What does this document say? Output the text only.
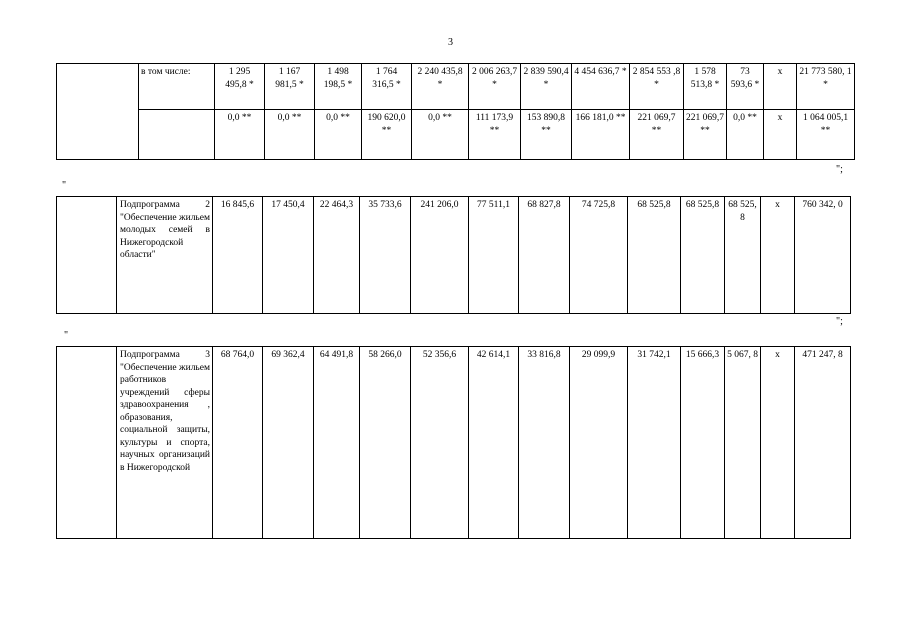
3
	в том числе:	1 295 495,8 *	1 167 981,5 *	1 498 198,5 *	1 764 316,5 *	2 240 435,8 *	2 006 263,7 *	2 839 590,4 *	4 454 636,7 *	2 854 553 ,8 *	1 578 513,8 *	73 593,6 *	х	21 773 580, 1 *
		0,0 **	0,0 **	0,0 **	190 620,0 **	0,0 **	111 173,9 **	153 890,8 **	166 181,0 **	221 069,7 **	221 069,7 **	0,0 **	х	1 064 005,1 **
";
"
	Подпрограмма 2 "Обеспечение жильем молодых семей в Нижегородской области"	16 845,6	17 450,4	22 464,3	35 733,6	241 206,0	77 511,1	68 827,8	74 725,8	68 525,8	68 525,8	68 525, 8	х	760 342, 0
";
"
	Подпрограмма 3 "Обеспечение жильем работников учреждений сферы здравоохранения , образования, социальной защиты, культуры и спорта, научных организаций в Нижегородской	68 764,0	69 362,4	64 491,8	58 266,0	52 356,6	42 614,1	33 816,8	29 099,9	31 742,1	15 666,3	5 067, 8	х	471 247, 8
